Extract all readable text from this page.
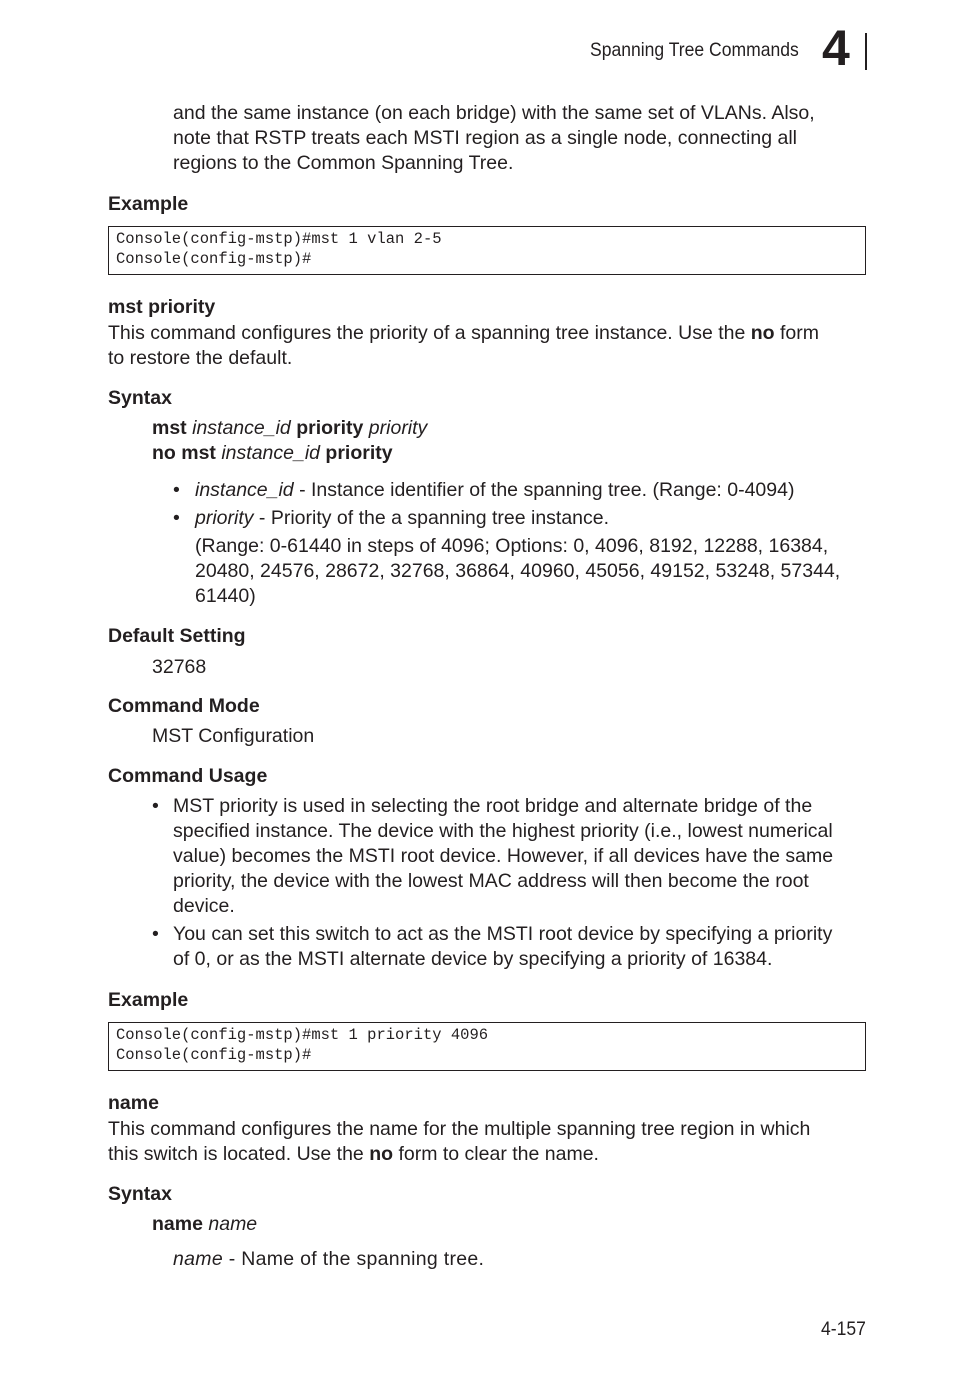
Spanning Tree Commands 4
and the same instance (on each bridge) with the same set of VLANs. Also,
note that RSTP treats each MSTI region as a single node, connecting all
regions to the Common Spanning Tree.
Example
Console(config-mstp)#mst 1 vlan 2-5
Console(config-mstp)#
mst priority
This command configures the priority of a spanning tree instance. Use the no form
to restore the default.
Syntax
mst instance_id priority priority
no mst instance_id priority
• instance_id - Instance identifier of the spanning tree. (Range: 0-4094)
• priority - Priority of the a spanning tree instance.
(Range: 0-61440 in steps of 4096; Options: 0, 4096, 8192, 12288, 16384,
20480, 24576, 28672, 32768, 36864, 40960, 45056, 49152, 53248, 57344,
61440)
Default Setting
32768
Command Mode
MST Configuration
Command Usage
• MST priority is used in selecting the root bridge and alternate bridge of the
specified instance. The device with the highest priority (i.e., lowest numerical
value) becomes the MSTI root device. However, if all devices have the same
priority, the device with the lowest MAC address will then become the root
device.
• You can set this switch to act as the MSTI root device by specifying a priority
of 0, or as the MSTI alternate device by specifying a priority of 16384.
Example
Console(config-mstp)#mst 1 priority 4096
Console(config-mstp)#
name
This command configures the name for the multiple spanning tree region in which
this switch is located. Use the no form to clear the name.
Syntax
name name
name - Name of the spanning tree.
4-157
